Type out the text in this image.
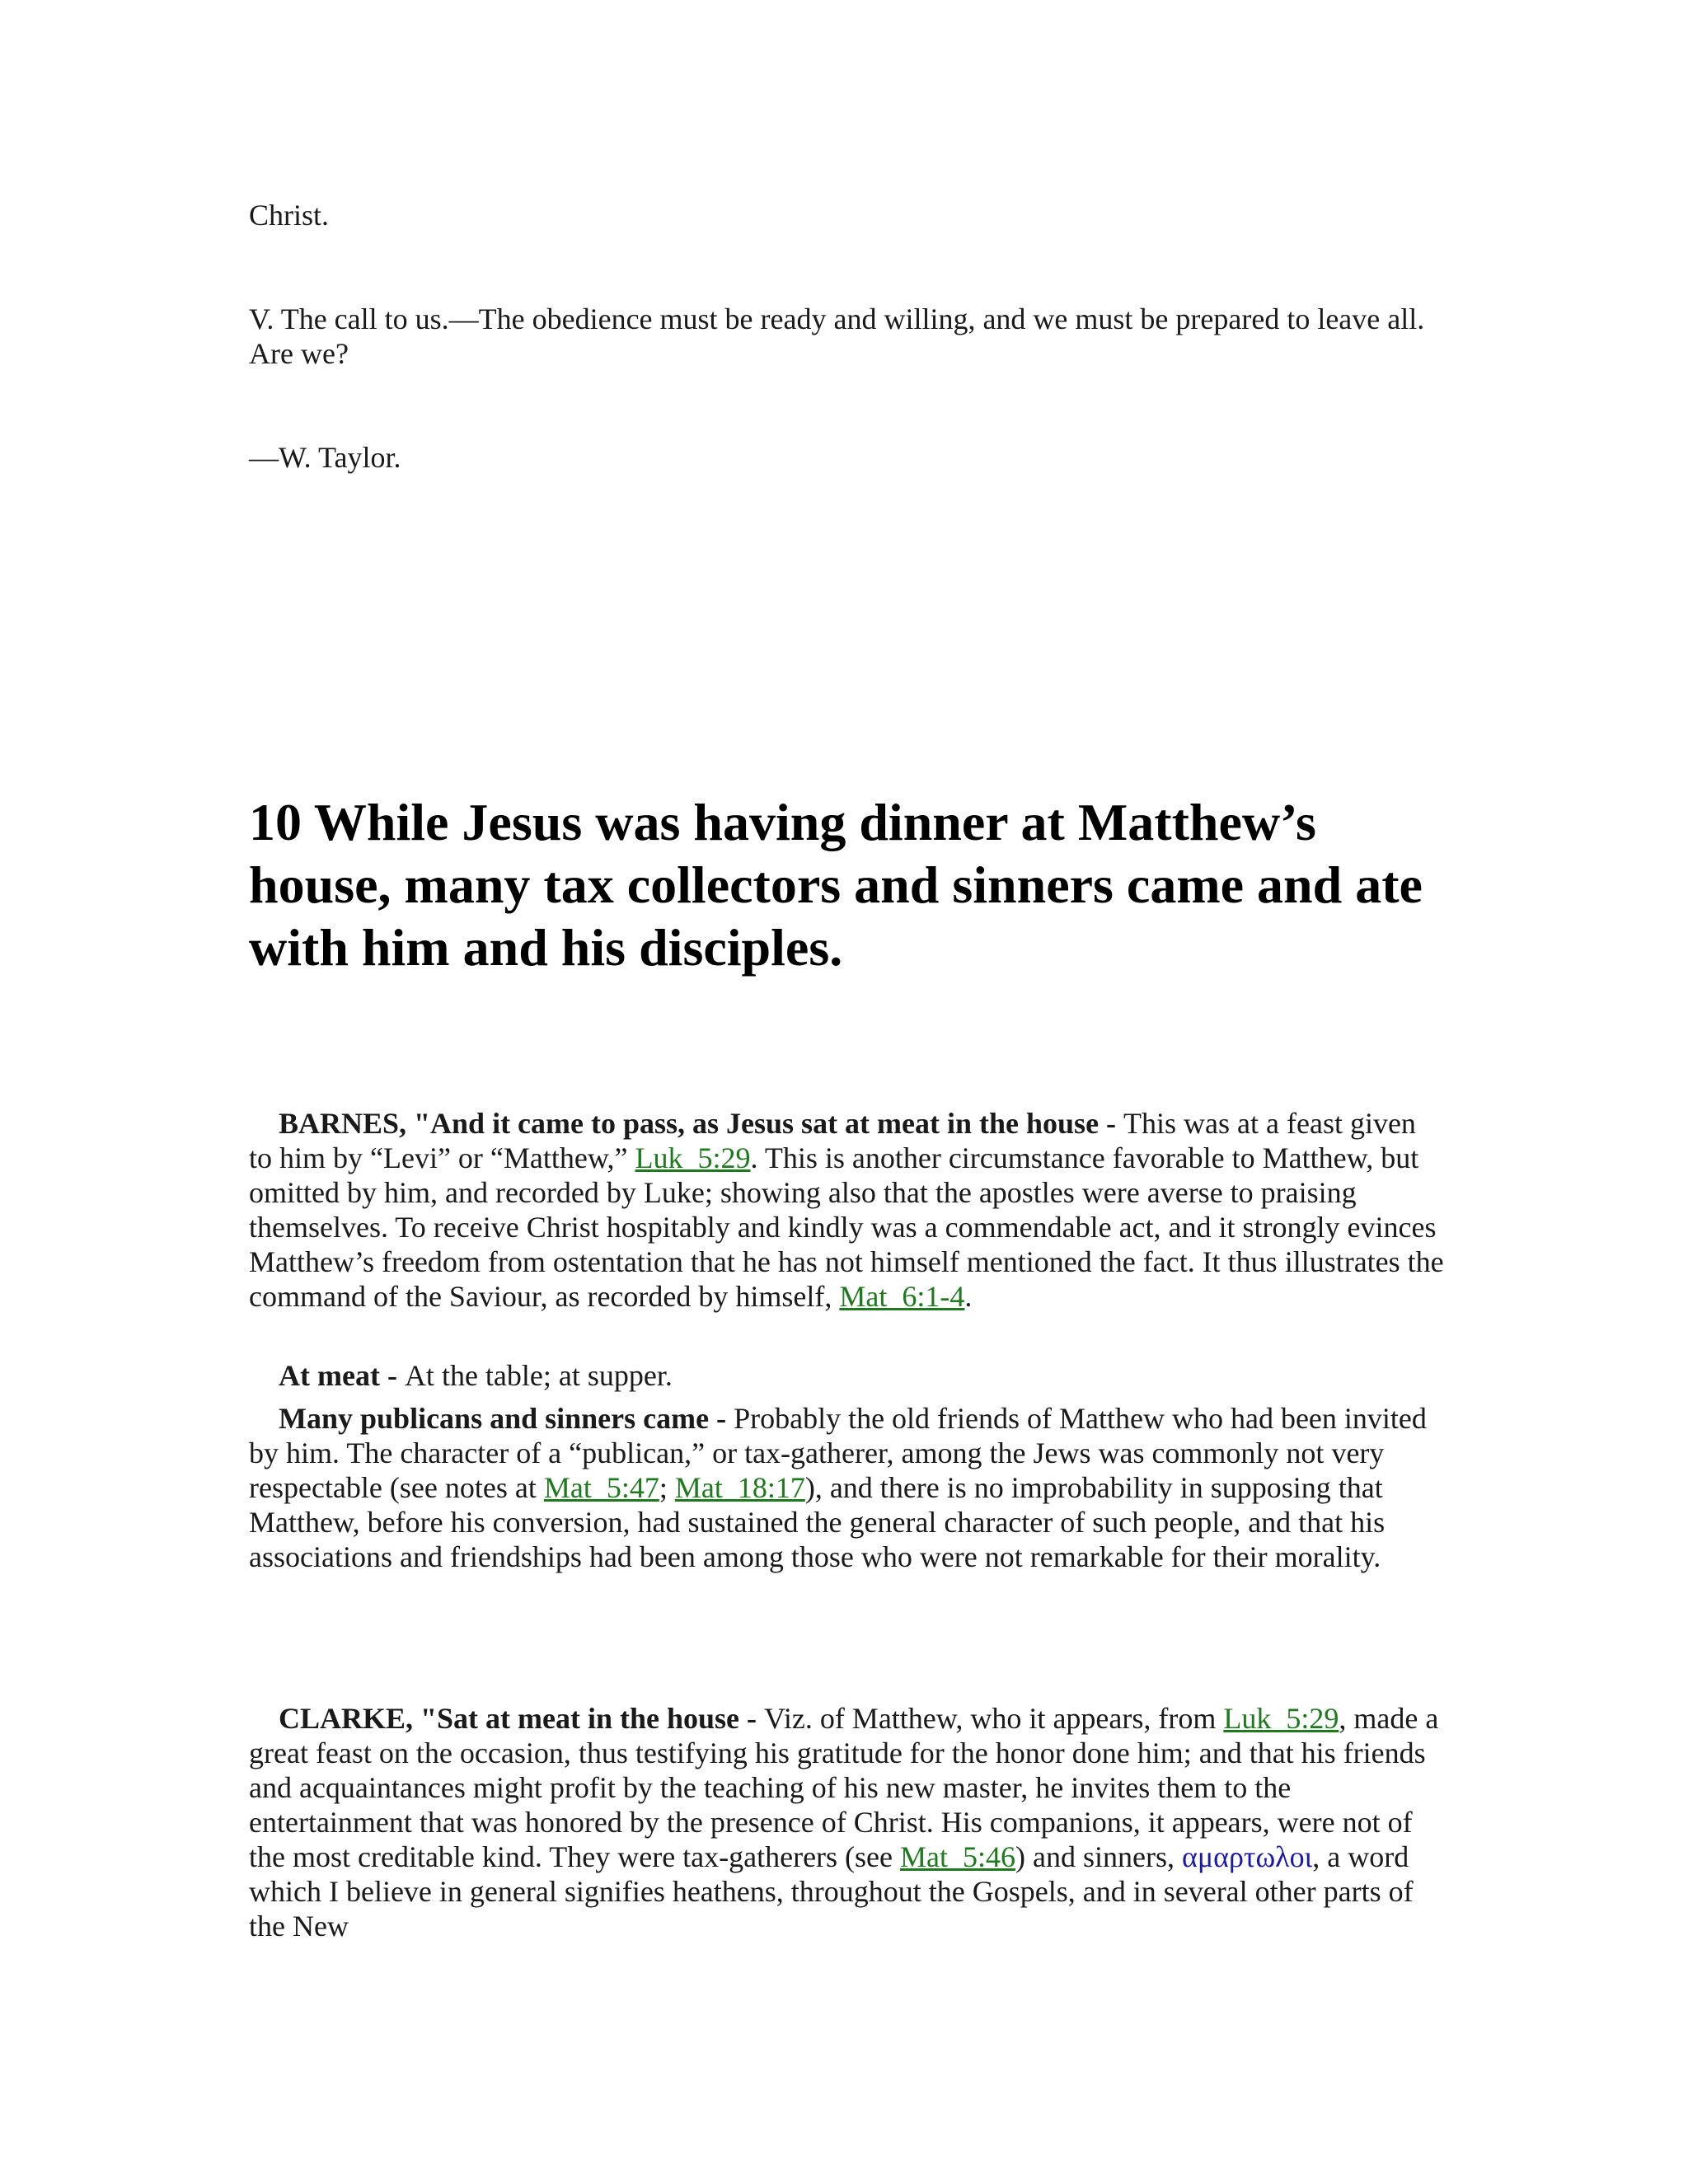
Christ.

V. The call to us.—The obedience must be ready and willing, and we must be prepared to leave all. Are we?

—W. Taylor.

10 While Jesus was having dinner at Matthew’s house, many tax collectors and sinners came and ate with him and his disciples.
BARNES, "And it came to pass, as Jesus sat at meat in the house - This was at a feast given to him by “Levi” or “Matthew,” Luk_5:29. This is another circumstance favorable to Matthew, but omitted by him, and recorded by Luke; showing also that the apostles were averse to praising themselves. To receive Christ hospitably and kindly was a commendable act, and it strongly evinces Matthew’s freedom from ostentation that he has not himself mentioned the fact. It thus illustrates the command of the Saviour, as recorded by himself, Mat_6:1-4.
At meat - At the table; at supper.
Many publicans and sinners came - Probably the old friends of Matthew who had been invited by him. The character of a “publican,” or tax-gatherer, among the Jews was commonly not very respectable (see notes at Mat_5:47; Mat_18:17), and there is no improbability in supposing that Matthew, before his conversion, had sustained the general character of such people, and that his associations and friendships had been among those who were not remarkable for their morality.
CLARKE, "Sat at meat in the house - Viz. of Matthew, who it appears, from Luk_5:29, made a great feast on the occasion, thus testifying his gratitude for the honor done him; and that his friends and acquaintances might profit by the teaching of his new master, he invites them to the entertainment that was honored by the presence of Christ. His companions, it appears, were not of the most creditable kind. They were tax-gatherers (see Mat_5:46) and sinners, αμαρτωλοι, a word which I believe in general signifies heathens, throughout the Gospels, and in several other parts of the New
